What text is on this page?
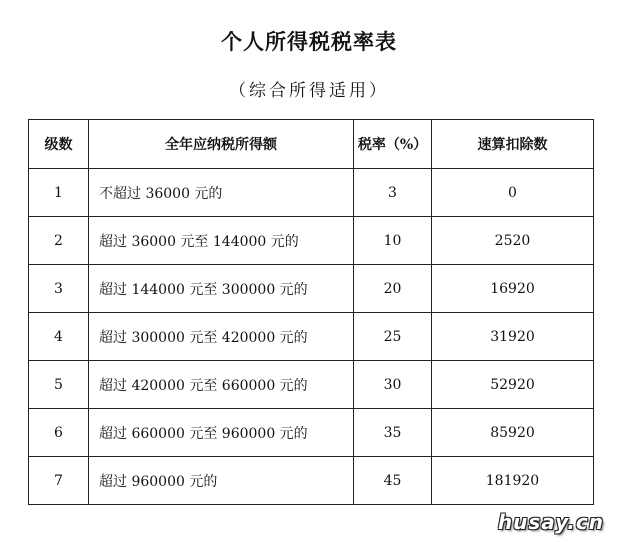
个人所得税税率表
（综合所得适用）
级数	全年应纳税所得额	税率（%）	速算扣除数
1	不超过 36000 元的	3	0
2	超过 36000 元至 144000 元的	10	2520
3	超过 144000 元至 300000 元的	20	16920
4	超过 300000 元至 420000 元的	25	31920
5	超过 420000 元至 660000 元的	30	52920
6	超过 660000 元至 960000 元的	35	85920
7	超过 960000 元的	45	181920
husay.cn
